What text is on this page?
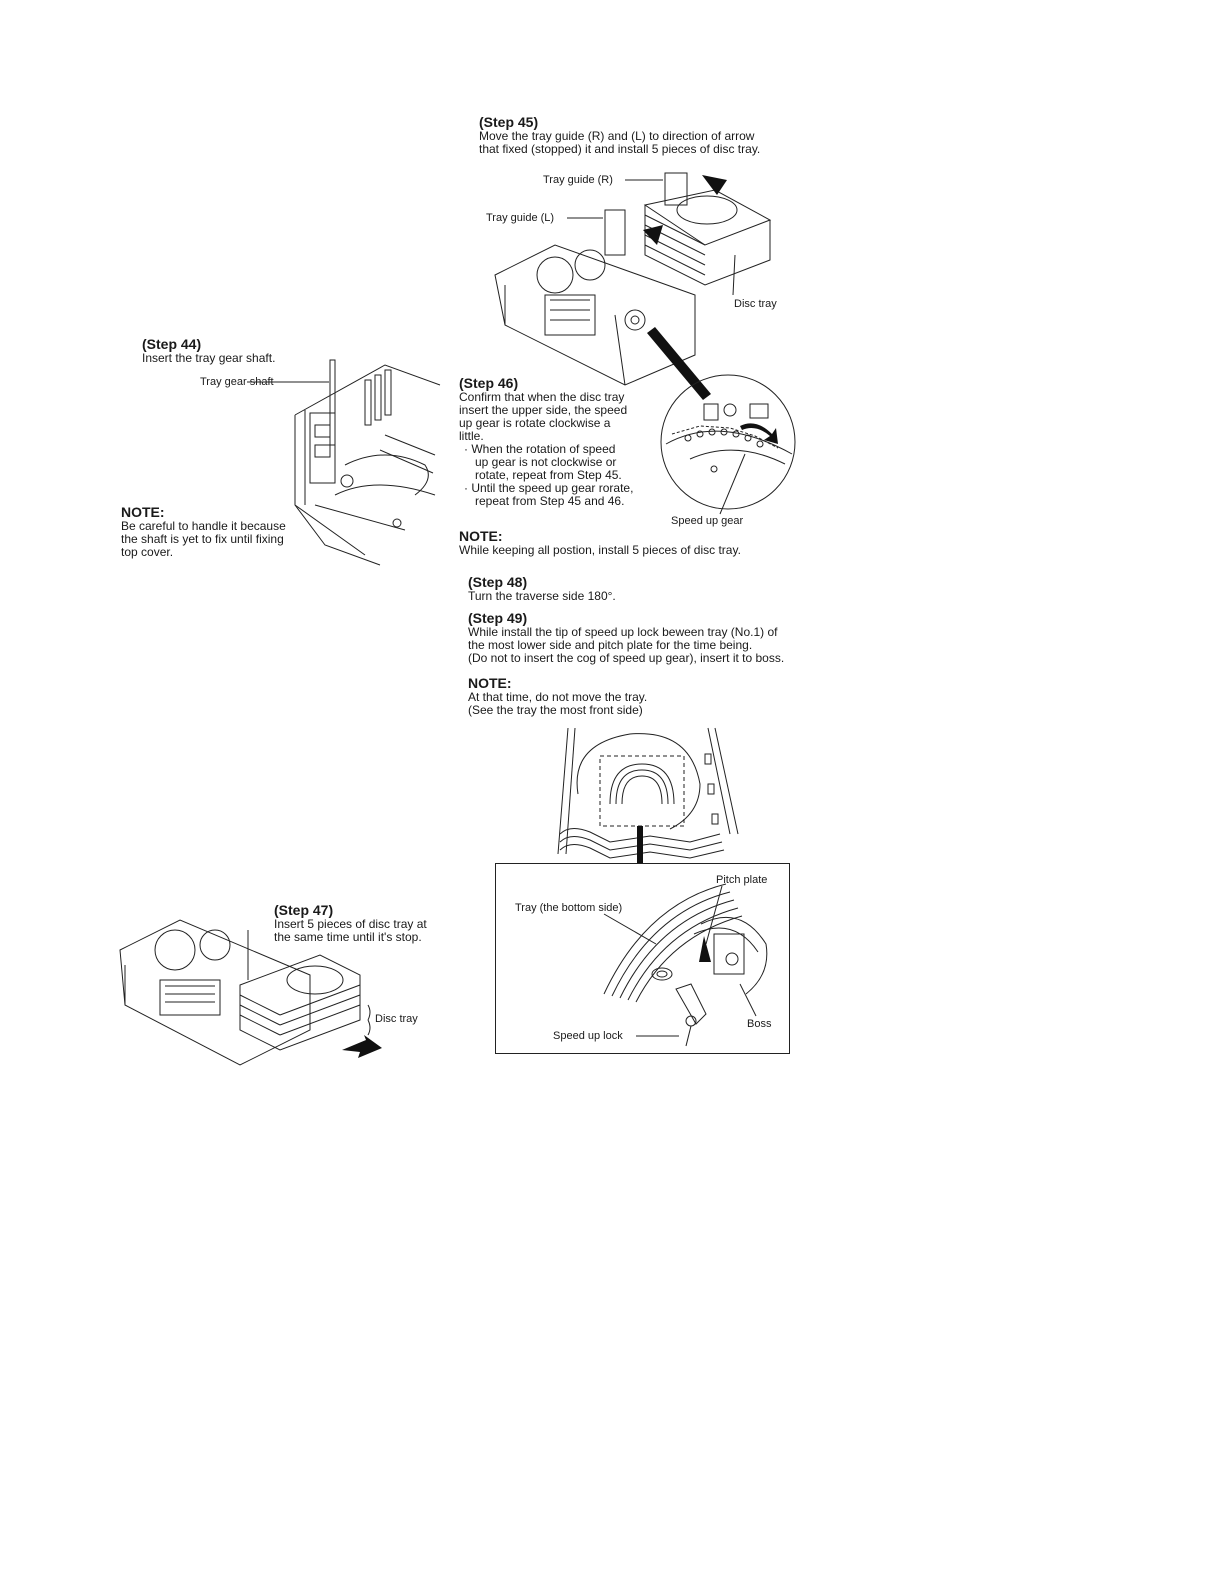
(Step 44)
Insert the tray gear shaft.
Tray gear shaft
NOTE:
Be careful to handle it because
the shaft is yet to fix until fixing
top cover.
(Step 45)
Move the tray guide (R) and (L) to direction of arrow
that fixed (stopped) it and install 5 pieces of disc tray.
Tray guide (R)
Tray guide (L)
Disc tray
(Step 46)
Confirm that when the disc tray
insert the upper side, the speed
up gear is rotate clockwise a
little.
· When the rotation of speed
up gear is not clockwise or
rotate, repeat from Step 45.
· Until the speed up gear rorate,
repeat from Step 45 and 46.
Speed up gear
NOTE:
While keeping all postion, install 5 pieces of disc tray.
(Step 48)
Turn the traverse side 180°.
(Step 49)
While install the tip of speed up lock beween tray (No.1) of
the most lower side and pitch plate for the time being.
(Do not to insert the cog of speed up gear), insert it to boss.
NOTE:
At that time, do not move the tray.
(See the tray the most front side)
Pitch plate
Tray (the bottom side)
Boss
Speed up lock
(Step 47)
Insert 5 pieces of disc tray at
the same time until it's stop.
Disc tray
